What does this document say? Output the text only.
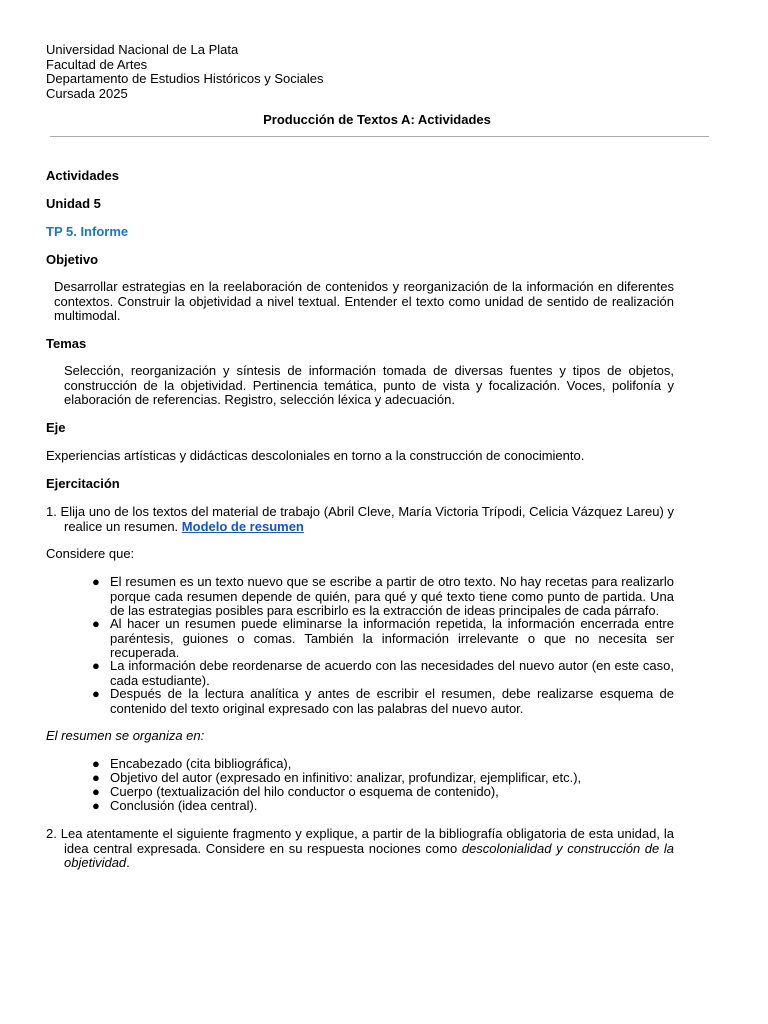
Universidad Nacional de La Plata
Facultad de Artes
Departamento de Estudios Históricos y Sociales
Cursada 2025
Producción de Textos A: Actividades
Actividades
Unidad 5
TP 5. Informe
Objetivo
Desarrollar estrategias en la reelaboración de contenidos y reorganización de la información en diferentes contextos. Construir la objetividad a nivel textual. Entender el texto como unidad de sentido de realización multimodal.
Temas
Selección, reorganización y síntesis de información tomada de diversas fuentes y tipos de objetos, construcción de la objetividad. Pertinencia temática, punto de vista y focalización. Voces, polifonía y elaboración de referencias. Registro, selección léxica y adecuación.
Eje
Experiencias artísticas y didácticas descoloniales en torno a la construcción de conocimiento.
Ejercitación
1. Elija uno de los textos del material de trabajo (Abril Cleve, María Victoria Trípodi, Celicia Vázquez Lareu) y realice un resumen. Modelo de resumen
Considere que:
● El resumen es un texto nuevo que se escribe a partir de otro texto. No hay recetas para realizarlo porque cada resumen depende de quién, para qué y qué texto tiene como punto de partida. Una de las estrategias posibles para escribirlo es la extracción de ideas principales de cada párrafo.
● Al hacer un resumen puede eliminarse la información repetida, la información encerrada entre paréntesis, guiones o comas. También la información irrelevante o que no necesita ser recuperada.
● La información debe reordenarse de acuerdo con las necesidades del nuevo autor (en este caso, cada estudiante).
● Después de la lectura analítica y antes de escribir el resumen, debe realizarse esquema de contenido del texto original expresado con las palabras del nuevo autor.
El resumen se organiza en:
● Encabezado (cita bibliográfica),
● Objetivo del autor (expresado en infinitivo: analizar, profundizar, ejemplificar, etc.),
● Cuerpo (textualización del hilo conductor o esquema de contenido),
● Conclusión (idea central).
2. Lea atentamente el siguiente fragmento y explique, a partir de la bibliografía obligatoria de esta unidad, la idea central expresada. Considere en su respuesta nociones como descolonialidad y construcción de la objetividad.
